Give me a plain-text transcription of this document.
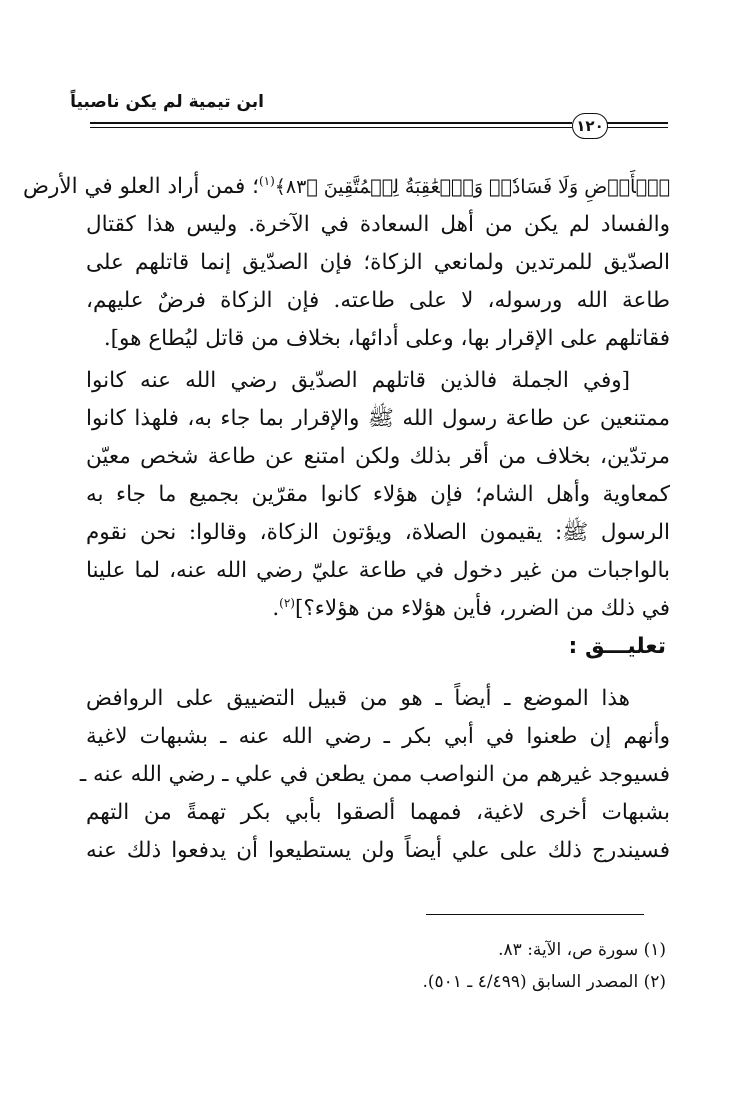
ابن تيمية لم يكن ناصبياً
١٢٠
ٱلۡأَرۡضِ وَلَا فَسَادٗاۚ وَٱلۡعَٰقِبَةُ لِلۡمُتَّقِينَ ﴿٨٣﴾$^{(١)}$؛ فمن أراد العلو في الأرض
والفساد لم يكن من أهل السعادة في الآخرة. وليس هذا كقتال
الصدّيق للمرتدين ولمانعي الزكاة؛ فإن الصدّيق إنما قاتلهم على
طاعة الله ورسوله، لا على طاعته. فإن الزكاة فرضٌ عليهم،
فقاتلهم على الإقرار بها، وعلى أدائها، بخلاف من قاتل ليُطاع هو].
[وفي الجملة فالذين قاتلهم الصدّيق رضي الله عنه كانوا
ممتنعين عن طاعة رسول الله ﷺ والإقرار بما جاء به، فلهذا كانوا
مرتدّين، بخلاف من أقر بذلك ولكن امتنع عن طاعة شخص معيّن
كمعاوية وأهل الشام؛ فإن هؤلاء كانوا مقرّين بجميع ما جاء به
الرسول ﷺ: يقيمون الصلاة، ويؤتون الزكاة، وقالوا: نحن نقوم
بالواجبات من غير دخول في طاعة عليّ رضي الله عنه، لما علينا
في ذلك من الضرر، فأين هؤلاء من هؤلاء؟]$^{(٢)}$.
تعليـــق :
هذا الموضع ـ أيضاً ـ هو من قبيل التضييق على الروافض
وأنهم إن طعنوا في أبي بكر ـ رضي الله عنه ـ بشبهات لاغية
فسيوجد غيرهم من النواصب ممن يطعن في علي ـ رضي الله عنه ـ
بشبهات أخرى لاغية، فمهما ألصقوا بأبي بكر تهمةً من التهم
فسيندرج ذلك على علي أيضاً ولن يستطيعوا أن يدفعوا ذلك عنه
(١) سورة ص، الآية: ٨٣.
(٢) المصدر السابق (٤/٤٩٩ ـ ٥٠١).
